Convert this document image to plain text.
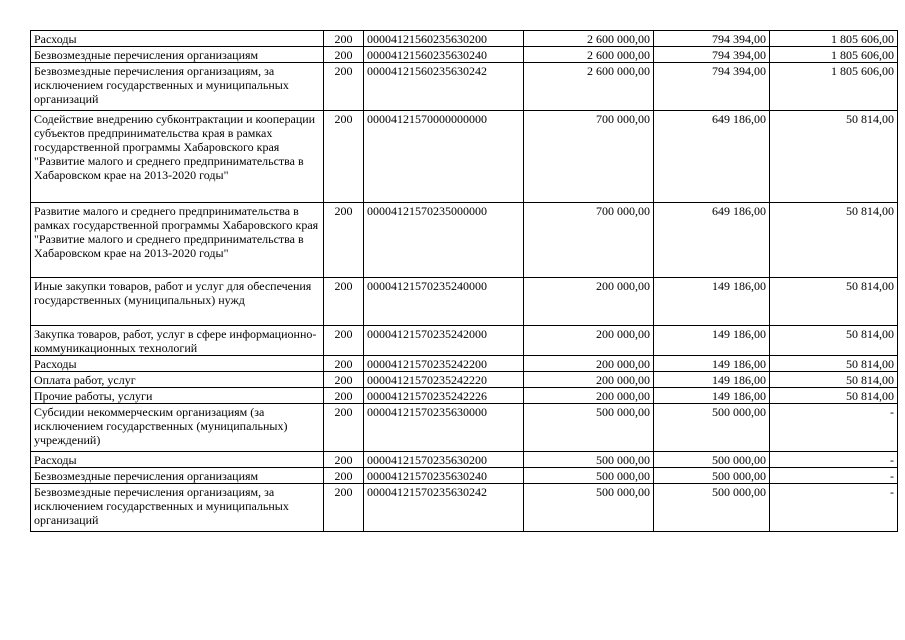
Расходы	200	00004121560235630200	2 600 000,00	794 394,00	1 805 606,00
Безвозмездные перечисления организациям	200	00004121560235630240	2 600 000,00	794 394,00	1 805 606,00
Безвозмездные перечисления организациям, за исключением государственных и муниципальных организаций	200	00004121560235630242	2 600 000,00	794 394,00	1 805 606,00
Содействие внедрению субконтрактации и кооперации субъектов предпринимательства края в рамках государственной программы Хабаровского края "Развитие малого и среднего предпринимательства в Хабаровском крае на 2013-2020 годы"	200	00004121570000000000	700 000,00	649 186,00	50 814,00
Развитие малого и среднего предпринимательства в рамках государственной программы Хабаровского края "Развитие малого и среднего предпринимательства в Хабаровском крае на 2013-2020 годы"	200	00004121570235000000	700 000,00	649 186,00	50 814,00
Иные закупки товаров, работ и услуг для обеспечения государственных (муниципальных) нужд	200	00004121570235240000	200 000,00	149 186,00	50 814,00
Закупка товаров, работ, услуг в сфере информационно-коммуникационных технологий	200	00004121570235242000	200 000,00	149 186,00	50 814,00
Расходы	200	00004121570235242200	200 000,00	149 186,00	50 814,00
Оплата работ, услуг	200	00004121570235242220	200 000,00	149 186,00	50 814,00
Прочие работы, услуги	200	00004121570235242226	200 000,00	149 186,00	50 814,00
Субсидии некоммерческим организациям (за исключением государственных (муниципальных) учреждений)	200	00004121570235630000	500 000,00	500 000,00	-
Расходы	200	00004121570235630200	500 000,00	500 000,00	-
Безвозмездные перечисления организациям	200	00004121570235630240	500 000,00	500 000,00	-
Безвозмездные перечисления организациям, за исключением государственных и муниципальных организаций	200	00004121570235630242	500 000,00	500 000,00	-
